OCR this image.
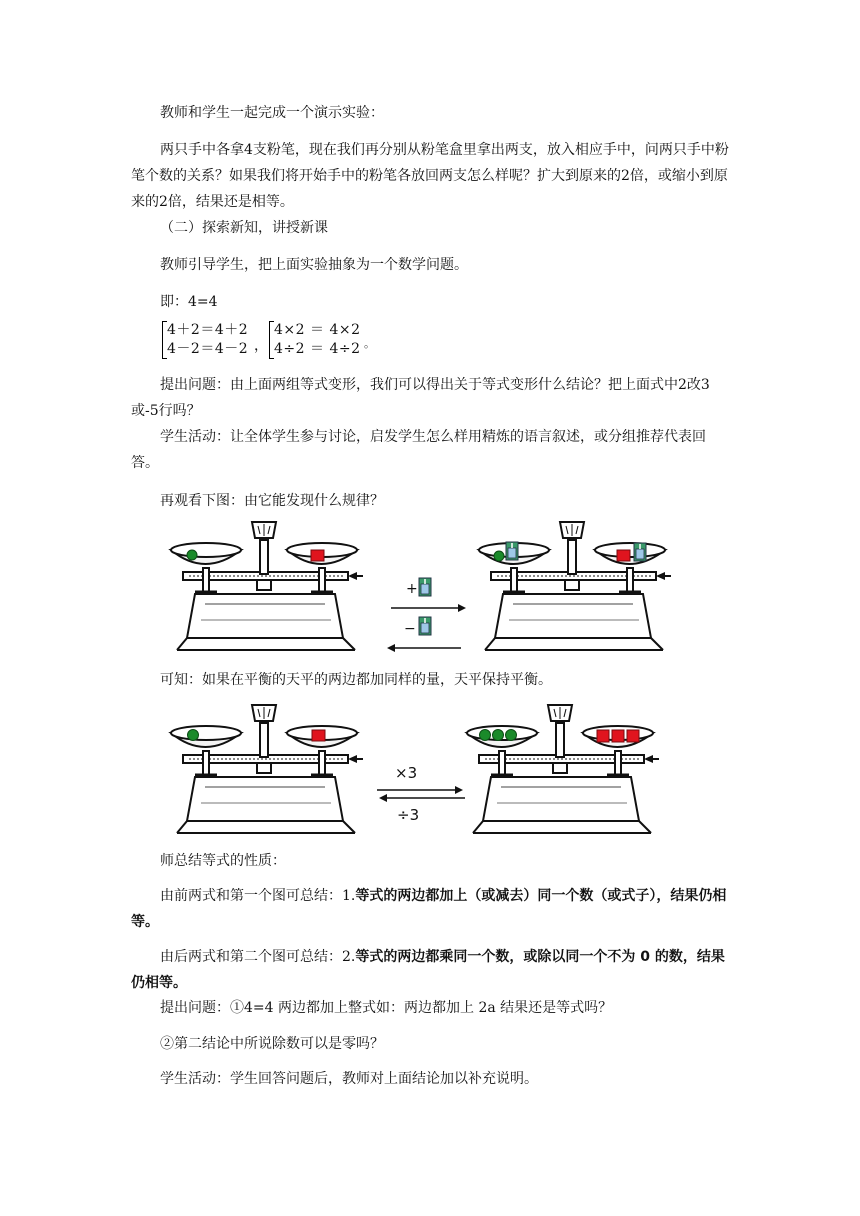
教师和学生一起完成一个演示实验：

两只手中各拿4支粉笔，现在我们再分别从粉笔盒里拿出两支，放入相应手中，问两只手中粉笔个数的关系？如果我们将开始手中的粉笔各放回两支怎么样呢？扩大到原来的2倍，或缩小到原来的2倍，结果还是相等。

（二）探索新知，讲授新课

教师引导学生，把上面实验抽象为一个数学问题。

即：4=4

4＋2＝4＋2
4－2＝4－2 ，
4×2 ＝ 4×2
4÷2 ＝ 4÷2 。

提出问题：由上面两组等式变形，我们可以得出关于等式变形什么结论？把上面式中2改3或-5行吗？

学生活动：让全体学生参与讨论，启发学生怎么样用精炼的语言叙述，或分组推荐代表回答。

再观看下图：由它能发现什么规律？

+
−

可知：如果在平衡的天平的两边都加同样的量，天平保持平衡。

×3
÷3

师总结等式的性质：

由前两式和第一个图可总结：1.等式的两边都加上（或减去）同一个数（或式子），结果仍相等。

由后两式和第二个图可总结：2.等式的两边都乘同一个数，或除以同一个不为 0 的数，结果仍相等。

提出问题：①4=4 两边都加上整式如：两边都加上 2a 结果还是等式吗？

②第二结论中所说除数可以是零吗？

学生活动：学生回答问题后，教师对上面结论加以补充说明。
